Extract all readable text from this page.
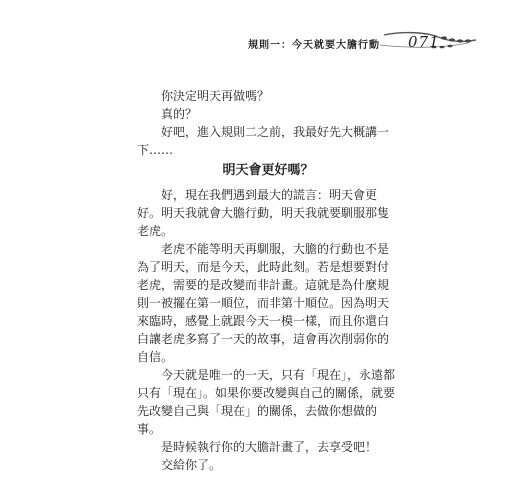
規則一：今天就要大膽行動 071

你決定明天再做嗎？

真的？

好吧，進入規則二之前，我最好先大概講一下……

明天會更好嗎？

好，現在我們遇到最大的謊言：明天會更好。明天我就會大膽行動，明天我就要馴服那隻老虎。

老虎不能等明天再馴服，大膽的行動也不是為了明天，而是今天，此時此刻。若是想要對付老虎，需要的是改變而非計畫。這就是為什麼規則一被擺在第一順位，而非第十順位。因為明天來臨時，感覺上就跟今天一模一樣，而且你還白白讓老虎多寫了一天的故事，這會再次削弱你的自信。

今天就是唯一的一天，只有「現在」，永遠都只有「現在」。如果你要改變與自己的關係，就要先改變自己與「現在」的關係，去做你想做的事。

是時候執行你的大膽計畫了，去享受吧！

交給你了。
